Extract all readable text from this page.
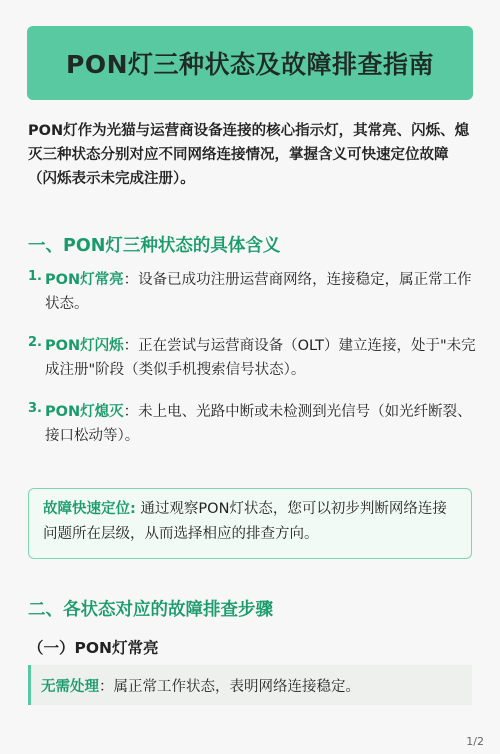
PON灯三种状态及故障排查指南

PON灯作为光猫与运营商设备连接的核心指示灯，其常亮、闪烁、熄灭三种状态分别对应不同网络连接情况，掌握含义可快速定位故障（闪烁表示未完成注册）。

一、PON灯三种状态的具体含义
1. PON灯常亮：设备已成功注册运营商网络，连接稳定，属正常工作状态。
2. PON灯闪烁：正在尝试与运营商设备（OLT）建立连接，处于"未完成注册"阶段（类似手机搜索信号状态）。
3. PON灯熄灭：未上电、光路中断或未检测到光信号（如光纤断裂、接口松动等）。
故障快速定位: 通过观察PON灯状态，您可以初步判断网络连接问题所在层级，从而选择相应的排查方向。
二、各状态对应的故障排查步骤
（一）PON灯常亮
无需处理 ： 属正常工作状态，表明网络连接稳定。
1/2
